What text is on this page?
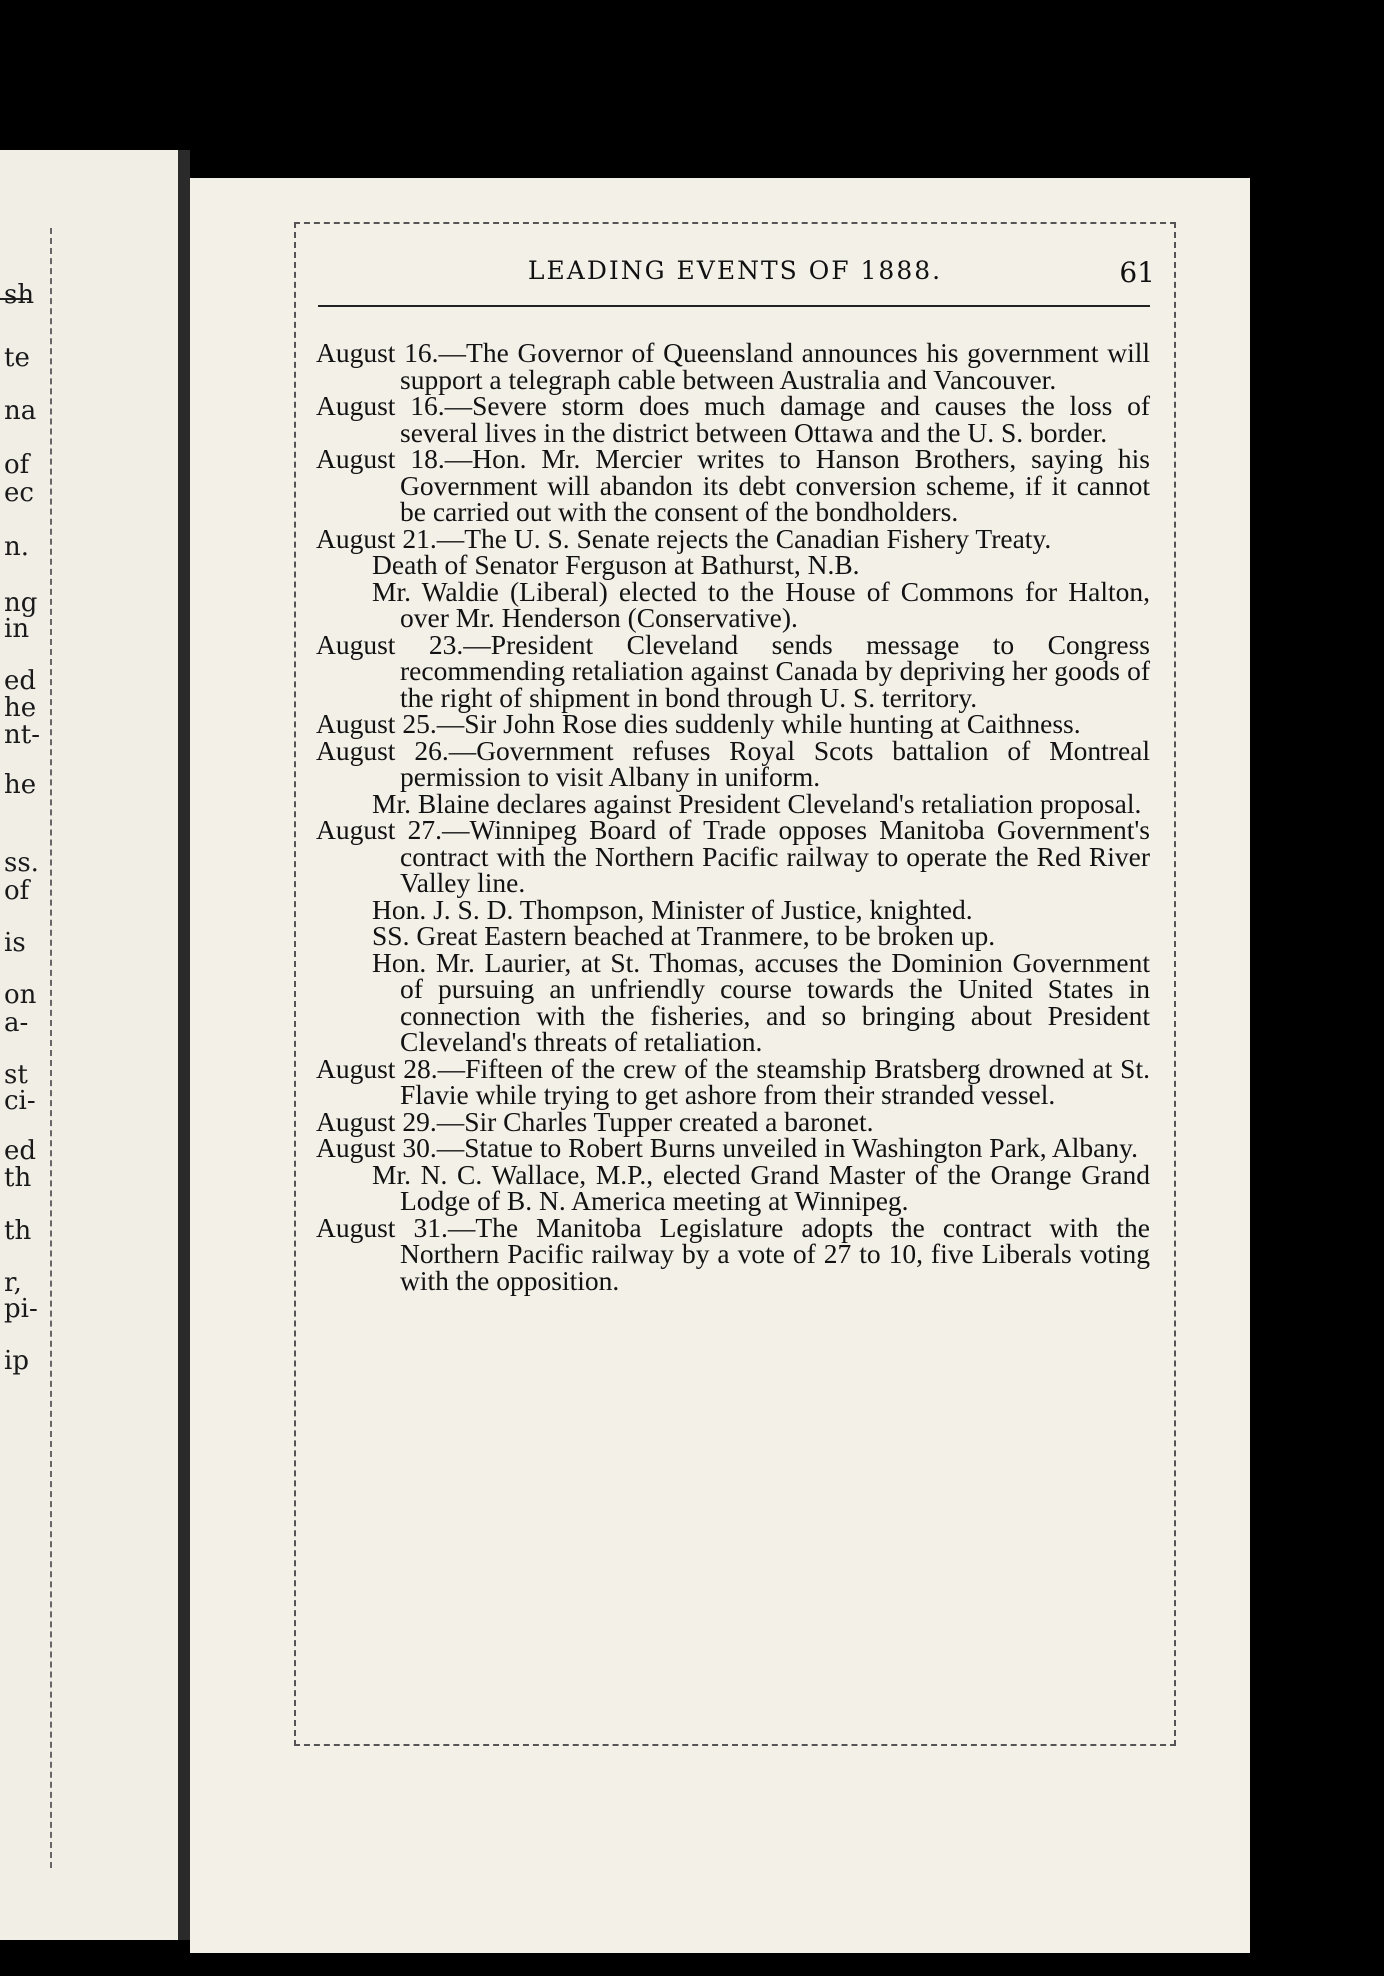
sh
te
na
of
ec
n.
ng
in
ed
he
nt-
he
ss.
of
is
on
a-
st
ci-
ed
th
th
r,
pi-
ip
LEADING EVENTS OF 1888.	61

August 16.—The Governor of Queensland announces his government will support a telegraph cable between Australia and Vancouver.

August 16.—Severe storm does much damage and causes the loss of several lives in the district between Ottawa and the U. S. border.

August 18.—Hon. Mr. Mercier writes to Hanson Brothers, saying his Government will abandon its debt conversion scheme, if it cannot be carried out with the consent of the bondholders.

August 21.—The U. S. Senate rejects the Canadian Fishery Treaty.

Death of Senator Ferguson at Bathurst, N.B.

Mr. Waldie (Liberal) elected to the House of Commons for Halton, over Mr. Henderson (Conservative).

August 23.—President Cleveland sends message to Congress recommending retaliation against Canada by depriving her goods of the right of shipment in bond through U. S. territory.

August 25.—Sir John Rose dies suddenly while hunting at Caithness.

August 26.—Government refuses Royal Scots battalion of Montreal permission to visit Albany in uniform.

Mr. Blaine declares against President Cleveland's retaliation proposal.

August 27.—Winnipeg Board of Trade opposes Manitoba Government's contract with the Northern Pacific railway to operate the Red River Valley line.

Hon. J. S. D. Thompson, Minister of Justice, knighted.

SS. Great Eastern beached at Tranmere, to be broken up.

Hon. Mr. Laurier, at St. Thomas, accuses the Dominion Government of pursuing an unfriendly course towards the United States in connection with the fisheries, and so bringing about President Cleveland's threats of retaliation.

August 28.—Fifteen of the crew of the steamship Bratsberg drowned at St. Flavie while trying to get ashore from their stranded vessel.

August 29.—Sir Charles Tupper created a baronet.

August 30.—Statue to Robert Burns unveiled in Washington Park, Albany.

Mr. N. C. Wallace, M.P., elected Grand Master of the Orange Grand Lodge of B. N. America meeting at Winnipeg.

August 31.—The Manitoba Legislature adopts the contract with the Northern Pacific railway by a vote of 27 to 10, five Liberals voting with the opposition.
